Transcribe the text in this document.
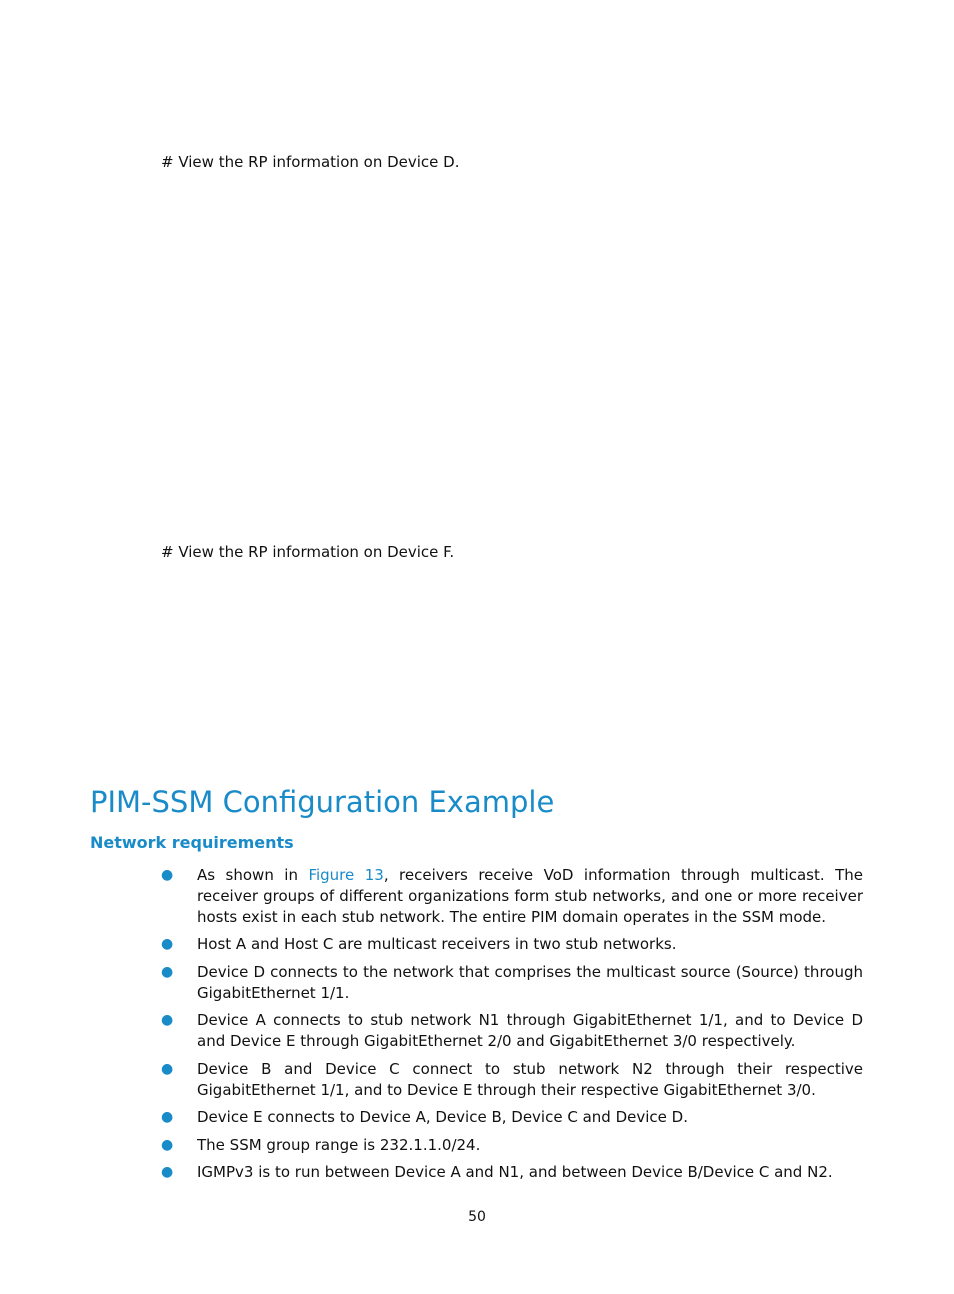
# View the RP information on Device D.
# View the RP information on Device F.
PIM-SSM Configuration Example
Network requirements
● As shown in Figure 13, receivers receive VoD information through multicast. The receiver groups of different organizations form stub networks, and one or more receiver hosts exist in each stub network. The entire PIM domain operates in the SSM mode.
● Host A and Host C are multicast receivers in two stub networks.
● Device D connects to the network that comprises the multicast source (Source) through GigabitEthernet 1/1.
● Device A connects to stub network N1 through GigabitEthernet 1/1, and to Device D and Device E through GigabitEthernet 2/0 and GigabitEthernet 3/0 respectively.
● Device B and Device C connect to stub network N2 through their respective GigabitEthernet 1/1, and to Device E through their respective GigabitEthernet 3/0.
● Device E connects to Device A, Device B, Device C and Device D.
● The SSM group range is 232.1.1.0/24.
● IGMPv3 is to run between Device A and N1, and between Device B/Device C and N2.
50
